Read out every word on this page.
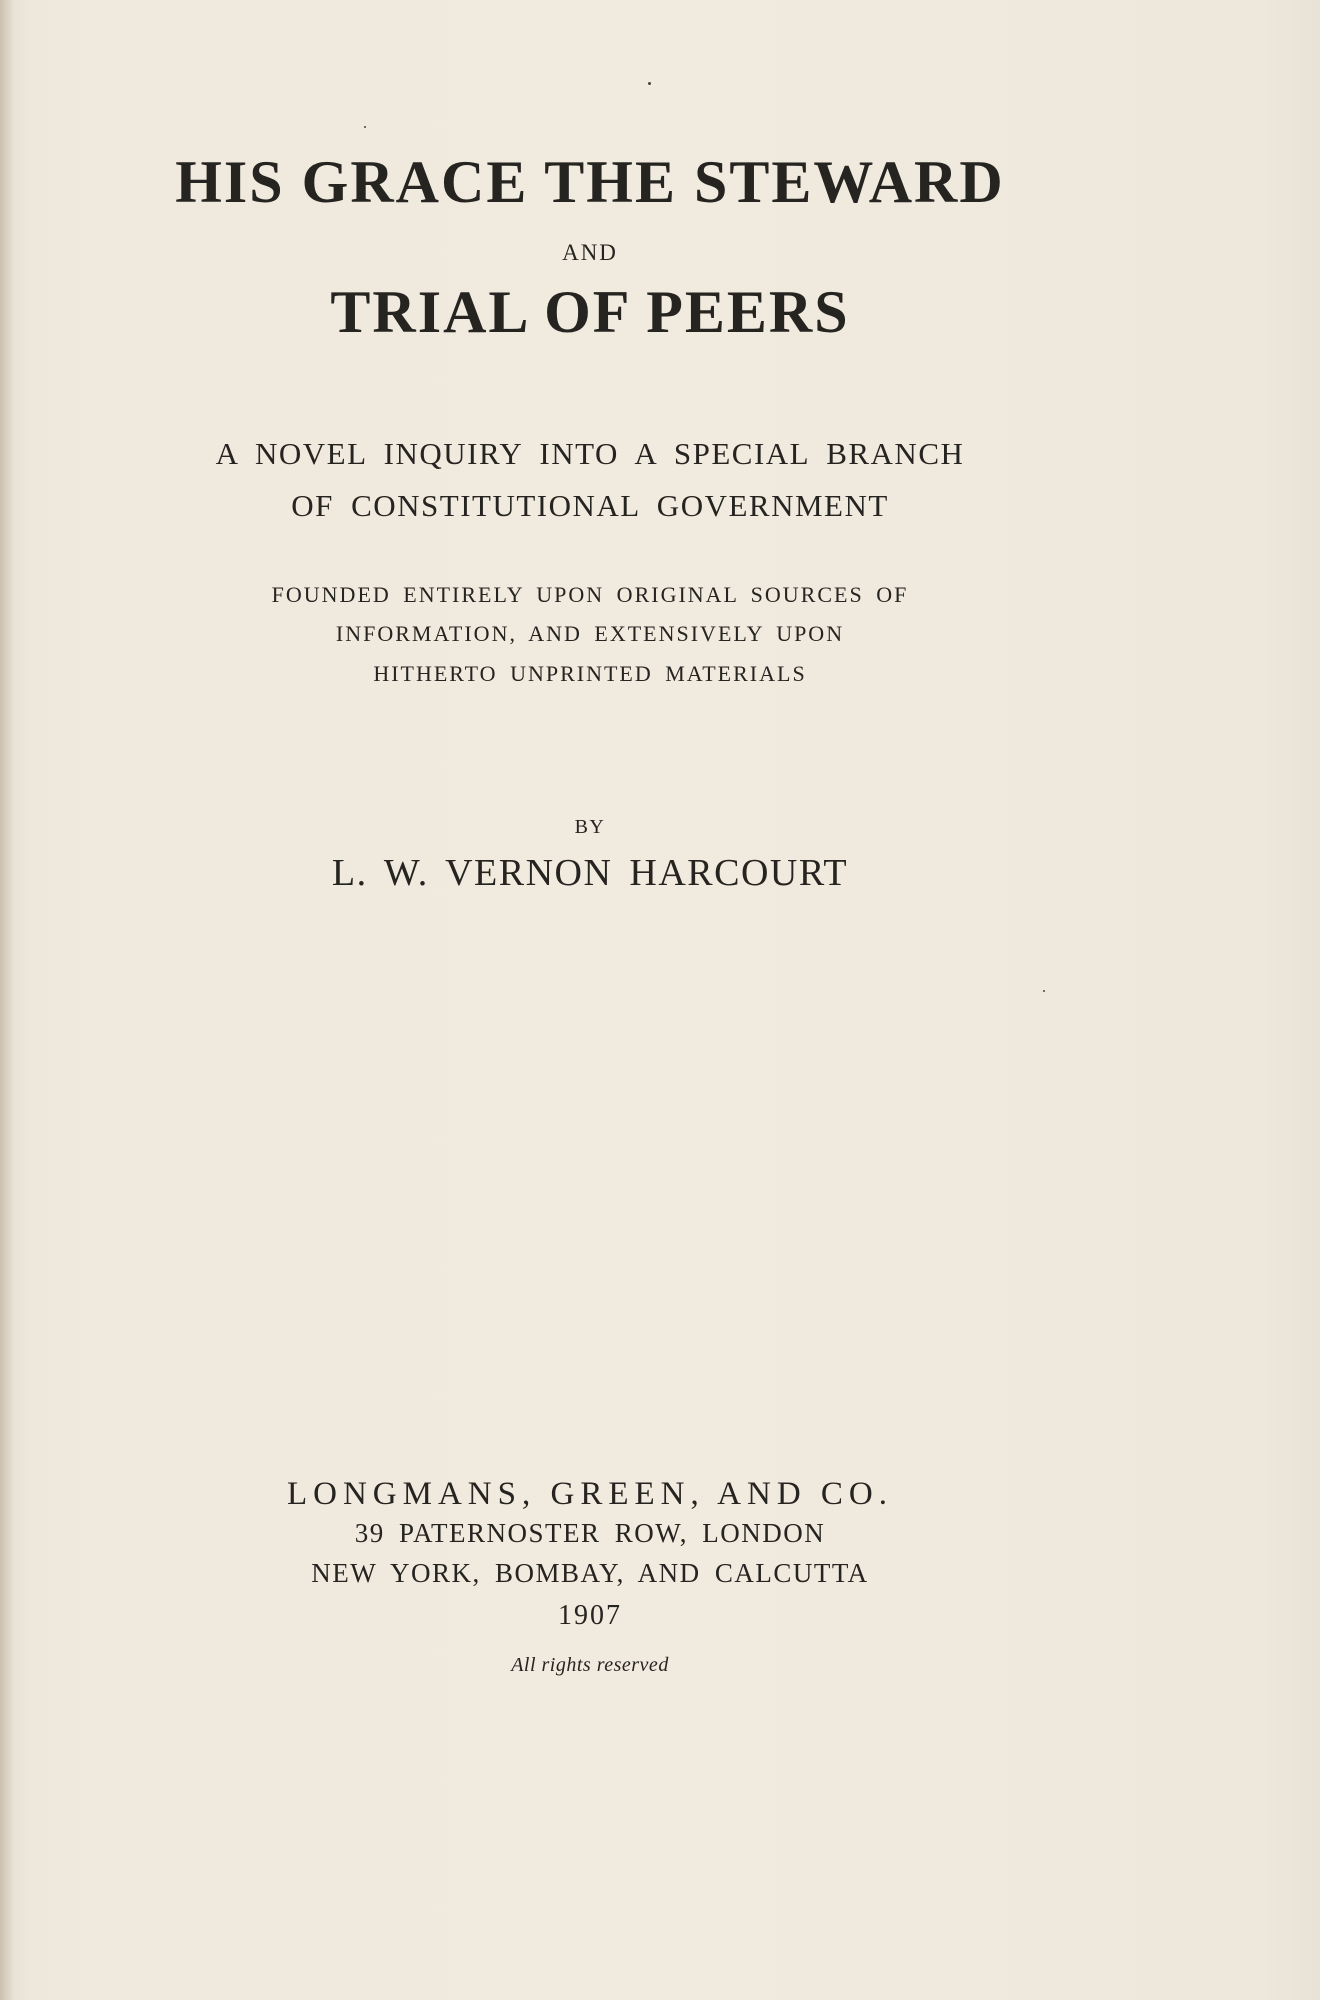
HIS GRACE THE STEWARD

AND

TRIAL OF PEERS

A NOVEL INQUIRY INTO A SPECIAL BRANCH

OF CONSTITUTIONAL GOVERNMENT

FOUNDED ENTIRELY UPON ORIGINAL SOURCES OF

INFORMATION, AND EXTENSIVELY UPON

HITHERTO UNPRINTED MATERIALS

BY

L. W. VERNON HARCOURT

LONGMANS, GREEN, AND CO.

39 PATERNOSTER ROW, LONDON

NEW YORK, BOMBAY, AND CALCUTTA

1907

All rights reserved
